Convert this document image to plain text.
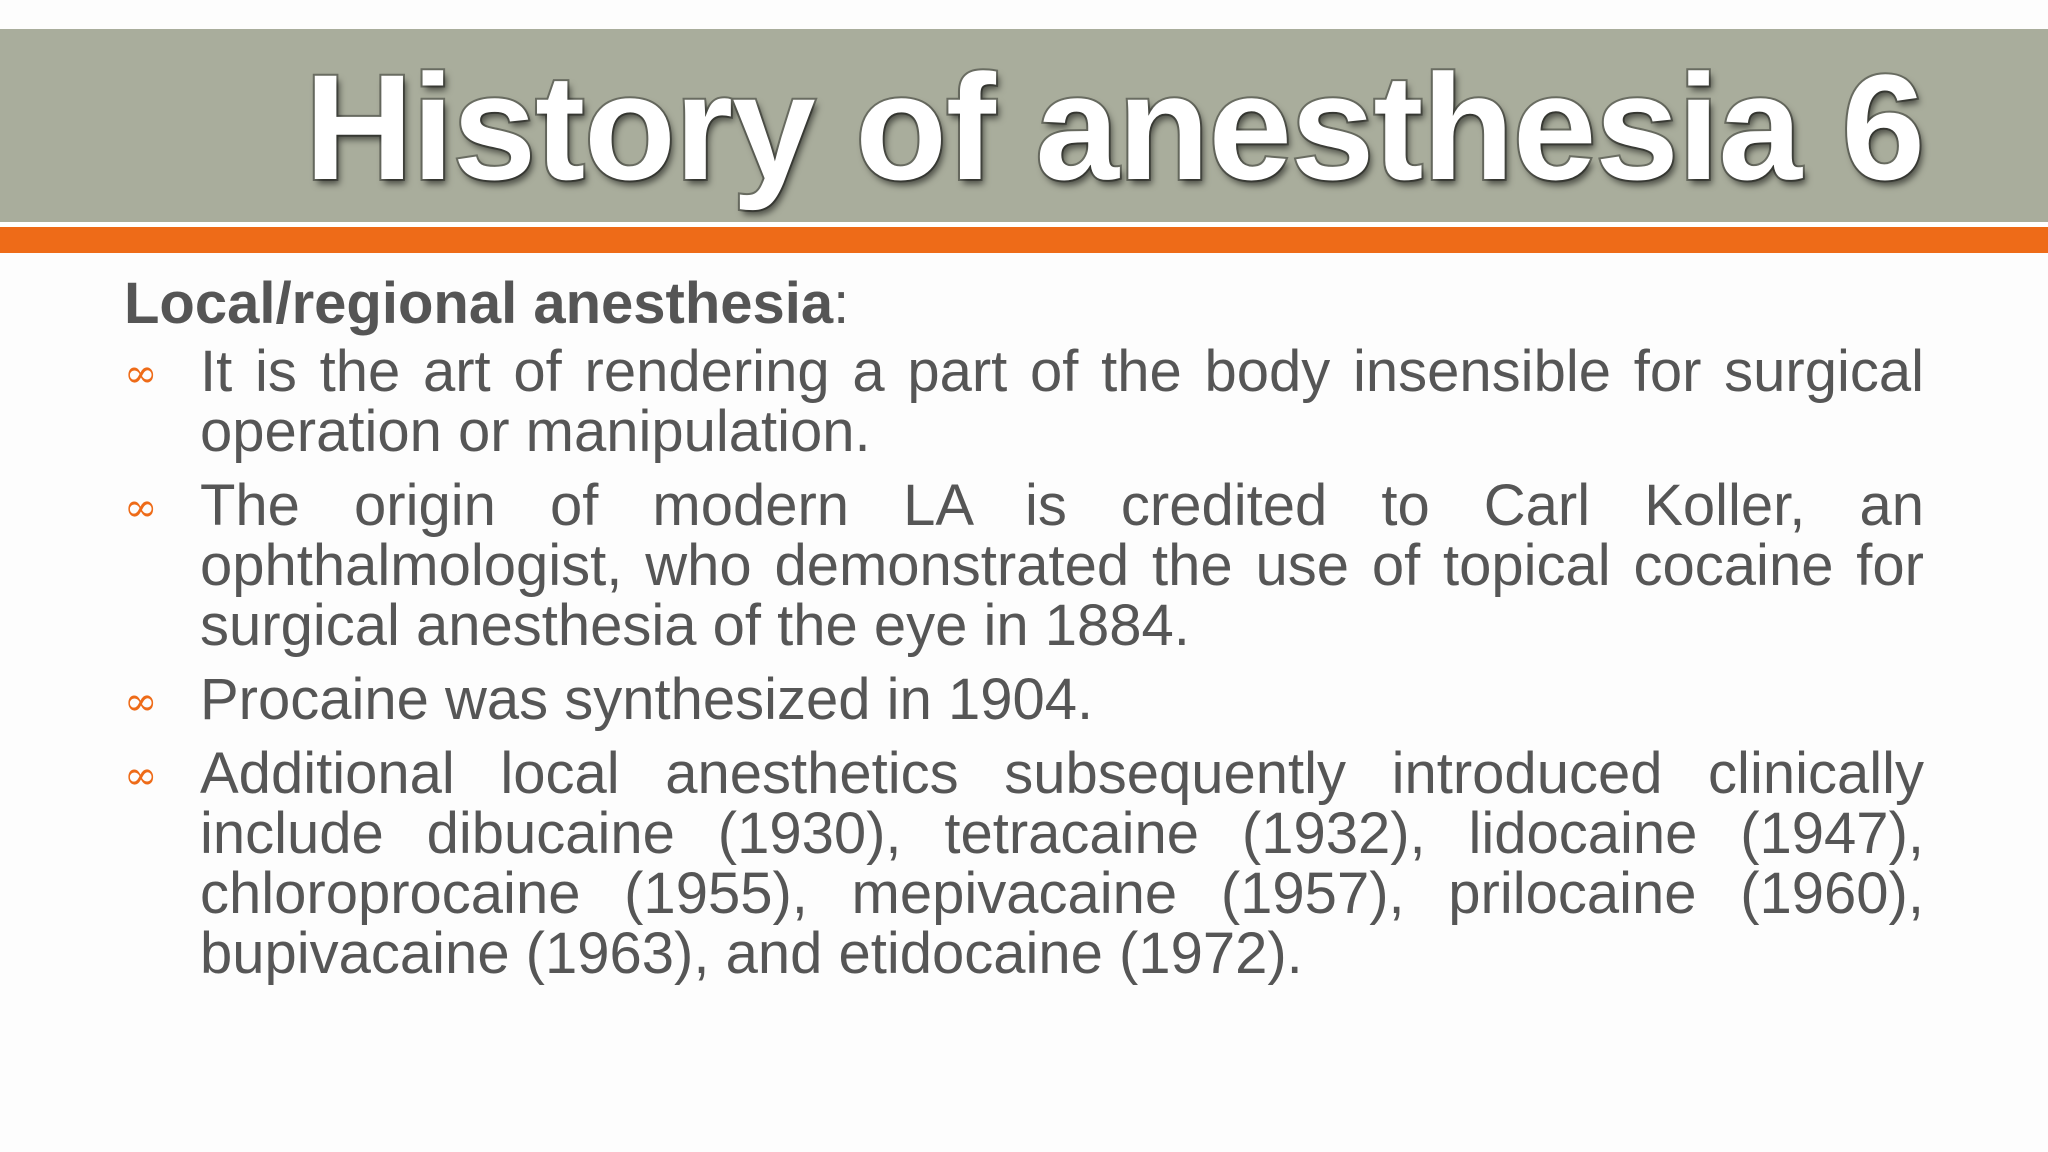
History of anesthesia 6

Local/regional anesthesia:

∞
It is the art of rendering a part of the body insensible for surgical operation or manipulation.
∞
The origin of modern LA is credited to Carl Koller, an ophthalmologist, who demonstrated the use of topical cocaine for surgical anesthesia of the eye in 1884.
∞
Procaine was synthesized in 1904.
∞
Additional local anesthetics subsequently introduced clinically include dibucaine (1930), tetracaine (1932), lidocaine (1947), chloroprocaine (1955), mepivacaine (1957), prilocaine (1960), bupivacaine (1963), and etidocaine (1972).
